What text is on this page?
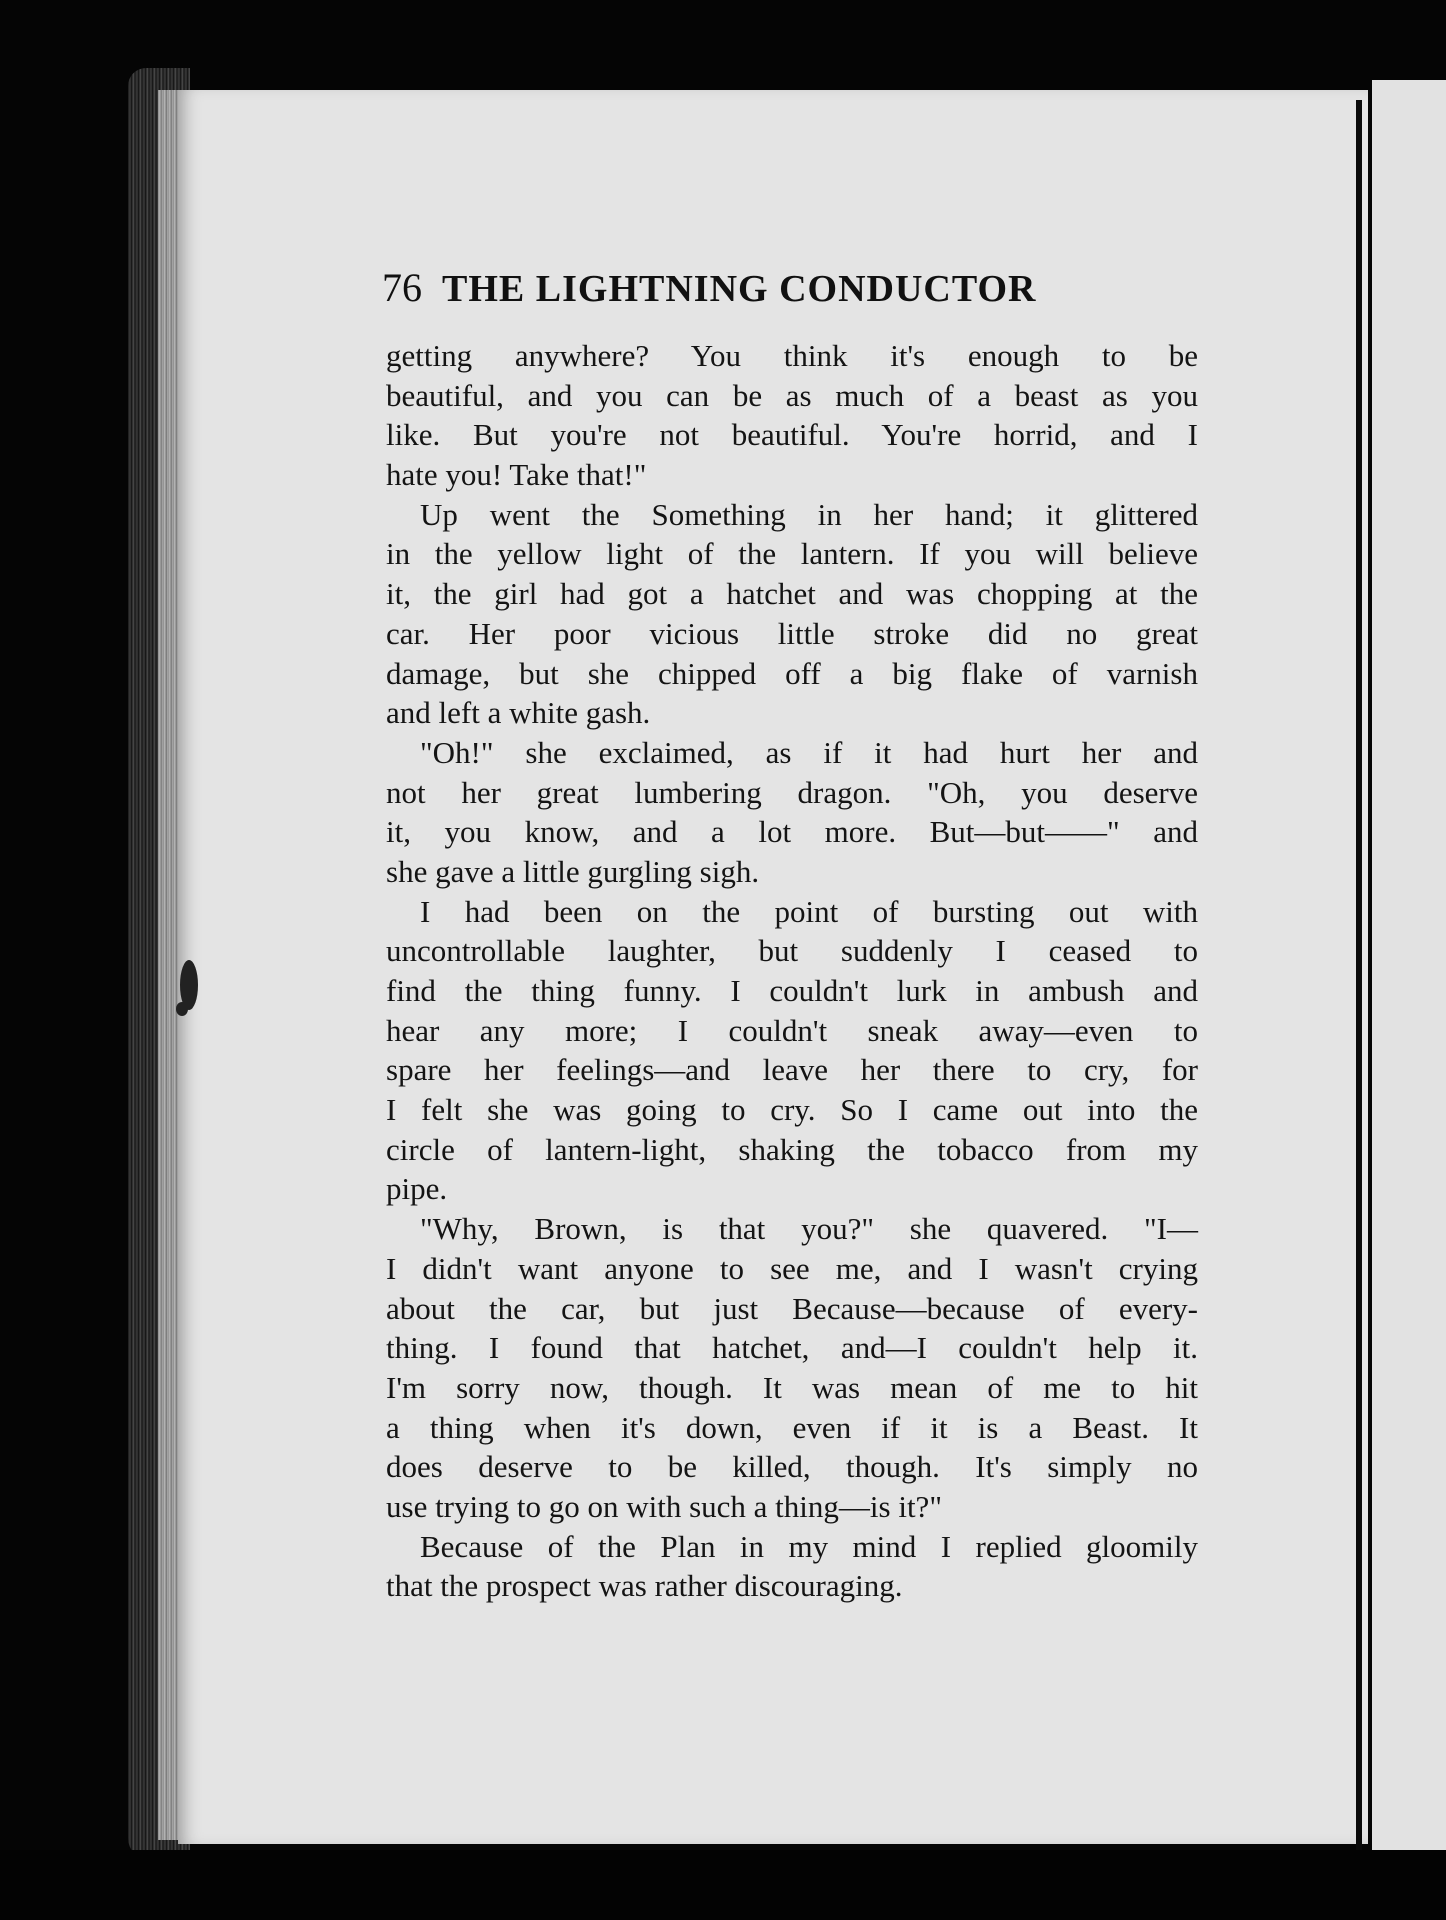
76 THE LIGHTNING CONDUCTOR
getting anywhere? You think it's enough to be
beautiful, and you can be as much of a beast as you
like. But you're not beautiful. You're horrid, and I
hate you! Take that!"
Up went the Something in her hand; it glittered
in the yellow light of the lantern. If you will believe
it, the girl had got a hatchet and was chopping at the
car. Her poor vicious little stroke did no great
damage, but she chipped off a big flake of varnish
and left a white gash.
"Oh!" she exclaimed, as if it had hurt her and
not her great lumbering dragon. "Oh, you deserve
it, you know, and a lot more. But—but——" and
she gave a little gurgling sigh.
I had been on the point of bursting out with
uncontrollable laughter, but suddenly I ceased to
find the thing funny. I couldn't lurk in ambush and
hear any more; I couldn't sneak away—even to
spare her feelings—and leave her there to cry, for
I felt she was going to cry. So I came out into the
circle of lantern-light, shaking the tobacco from my
pipe.
"Why, Brown, is that you?" she quavered. "I—
I didn't want anyone to see me, and I wasn't crying
about the car, but just Because—because of every-
thing. I found that hatchet, and—I couldn't help it.
I'm sorry now, though. It was mean of me to hit
a thing when it's down, even if it is a Beast. It
does deserve to be killed, though. It's simply no
use trying to go on with such a thing—is it?"
Because of the Plan in my mind I replied gloomily
that the prospect was rather discouraging.
